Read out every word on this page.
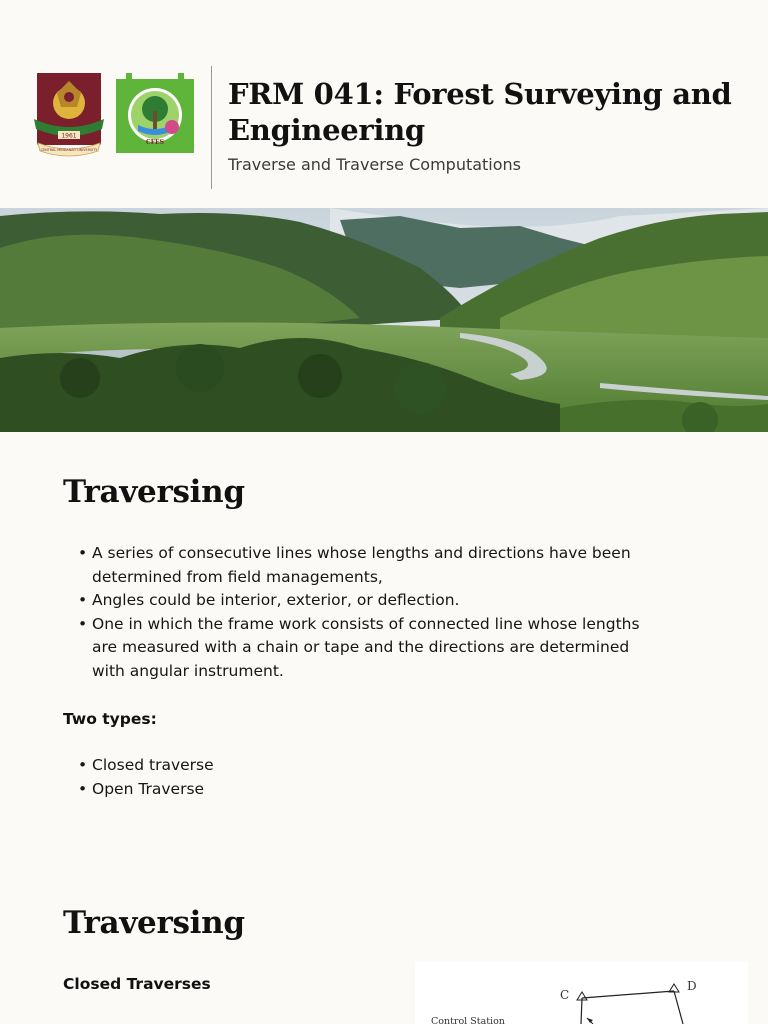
1961
CENTRAL MINDANAO UNIVERSITY
CFES
FRM 041: Forest Surveying and Engineering
Traverse and Traverse Computations
Traversing
• A series of consecutive lines whose lengths and directions have been determined from field managements,
• Angles could be interior, exterior, or deflection.
• One in which the frame work consists of connected line whose lengths are measured with a chain or tape and the directions are determined with angular instrument.
Two types:
• Closed traverse
• Open Traverse
Traversing
Closed Traverses
C
D
Control Station
